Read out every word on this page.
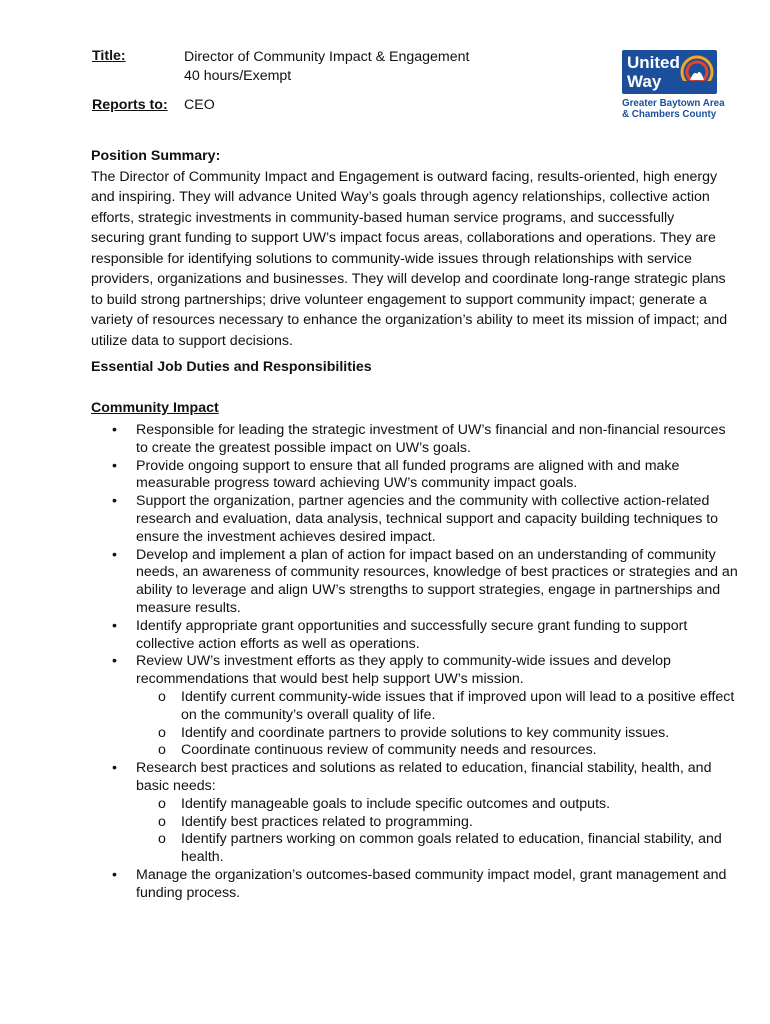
Title:	Director of Community Impact & Engagement
40 hours/Exempt
Reports to: CEO
United
Way
Greater Baytown Area
& Chambers County
Position Summary:

The Director of Community Impact and Engagement is outward facing, results-oriented, high energy and inspiring. They will advance United Way’s goals through agency relationships, collective action efforts, strategic investments in community-based human service programs, and successfully securing grant funding to support UW’s impact focus areas, collaborations and operations. They are responsible for identifying solutions to community-wide issues through relationships with service providers, organizations and businesses. They will develop and coordinate long-range strategic plans to build strong partnerships; drive volunteer engagement to support community impact; generate a variety of resources necessary to enhance the organization’s ability to meet its mission of impact; and utilize data to support decisions.

Essential Job Duties and Responsibilities
Community Impact
• Responsible for leading the strategic investment of UW’s financial and non-financial resources to create the greatest possible impact on UW’s goals.
• Provide ongoing support to ensure that all funded programs are aligned with and make measurable progress toward achieving UW’s community impact goals.
• Support the organization, partner agencies and the community with collective action-related research and evaluation, data analysis, technical support and capacity building techniques to ensure the investment achieves desired impact.
• Develop and implement a plan of action for impact based on an understanding of community needs, an awareness of community resources, knowledge of best practices or strategies and an ability to leverage and align UW’s strengths to support strategies, engage in partnerships and measure results.
• Identify appropriate grant opportunities and successfully secure grant funding to support collective action efforts as well as operations.
• Review UW’s investment efforts as they apply to community-wide issues and develop recommendations that would best help support UW’s mission.
o Identify current community-wide issues that if improved upon will lead to a positive effect on the community’s overall quality of life.
o Identify and coordinate partners to provide solutions to key community issues.
o Coordinate continuous review of community needs and resources.
• Research best practices and solutions as related to education, financial stability, health, and basic needs:
o Identify manageable goals to include specific outcomes and outputs.
o Identify best practices related to programming.
o Identify partners working on common goals related to education, financial stability, and health.
• Manage the organization’s outcomes-based community impact model, grant management and funding process.
